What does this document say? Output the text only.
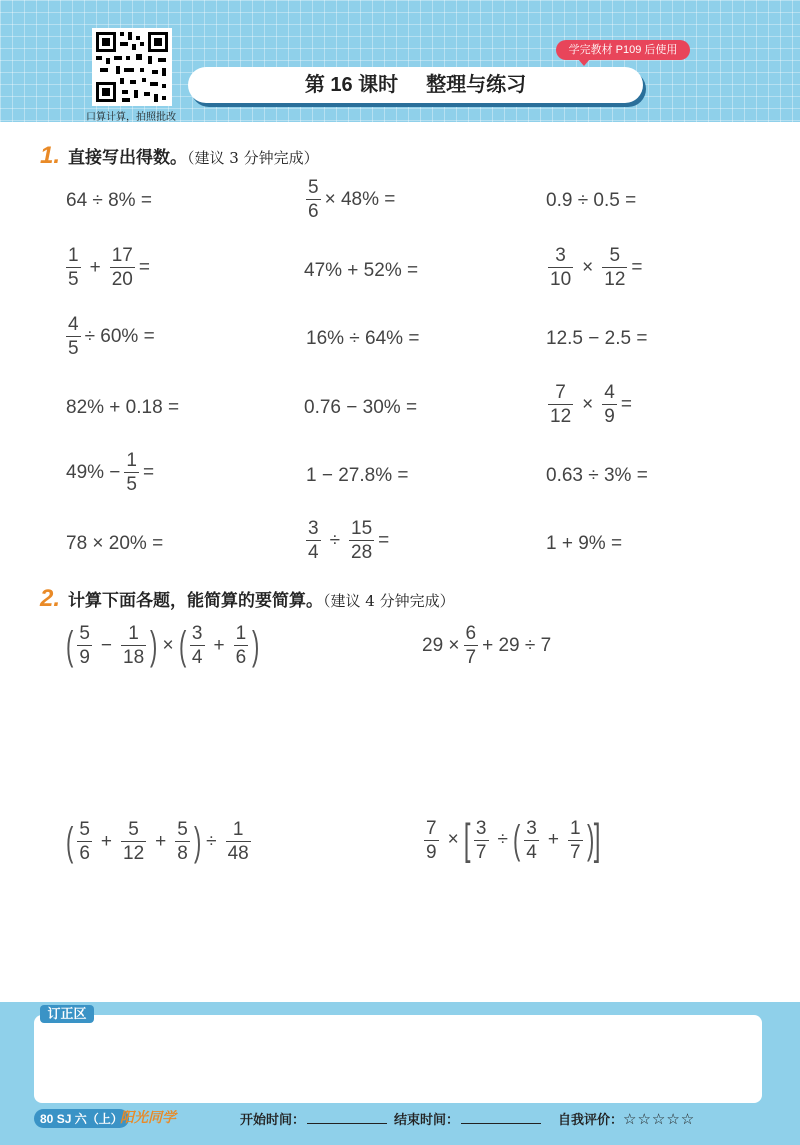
口算计算，拍照批改
学完教材 P109 后使用
第 16 课时 整理与练习
1. 直接写出得数。（建议 3 分钟完成）
64 ÷ 8% =	$\frac{5}{6} \times 48\%$ =	0.9 ÷ 0.5 =
$\frac{1}{5} + \frac{17}{20}$ =	47% + 52% =	$\frac{3}{10} \times \frac{5}{12}$ =
$\frac{4}{5} \div 60\%$ =	16% ÷ 64% =	12.5 − 2.5 =
82% + 0.18 =	0.76 − 30% =	$\frac{7}{12} \times \frac{4}{9}$ =
$49\% - \frac{1}{5}$ =	1 − 27.8% =	0.63 ÷ 3% =
78 × 20% =	$\frac{3}{4} \div \frac{15}{28}$ =	1 + 9% =
2. 计算下面各题，能简算的要简算。（建议 4 分钟完成）
( $\frac{5}{9} - \frac{1}{18}$ ) × ( $\frac{3}{4} + \frac{1}{6}$ )	$29 \times \frac{6}{7} + 29 \div 7$
( $\frac{5}{6} + \frac{5}{12} + \frac{5}{8}$ ) ÷ $\frac{1}{48}$	$\frac{7}{9}$ × [ $\frac{3}{7}$ ÷ ( $\frac{3}{4} + \frac{1}{7}$ ) ]
订正区
80 SJ 六（上）
阳光同学	开始时间：	结束时间：	自我评价：☆☆☆☆☆
